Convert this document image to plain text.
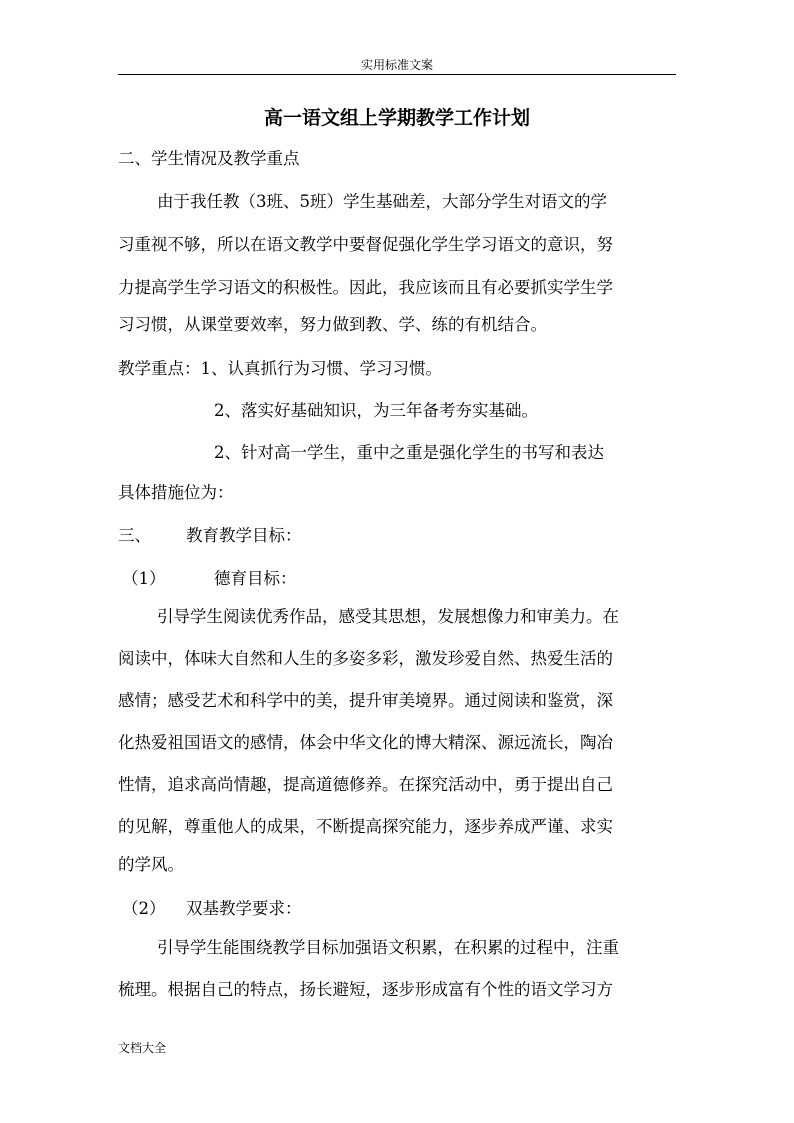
实用标准文案
高一语文组上学期教学工作计划
二、学生情况及教学重点
由于我任教（3班、5班）学生基础差，大部分学生对语文的学
习重视不够，所以在语文教学中要督促强化学生学习语文的意识，努
力提高学生学习语文的积极性。因此，我应该而且有必要抓实学生学
习习惯，从课堂要效率，努力做到教、学、练的有机结合。
教学重点：1、认真抓行为习惯、学习习惯。
2、落实好基础知识，为三年备考夯实基础。
2、针对高一学生，重中之重是强化学生的书写和表达
具体措施位为：
三、 教育教学目标：
（1）	德育目标：
引导学生阅读优秀作品，感受其思想，发展想像力和审美力。在
阅读中，体味大自然和人生的多姿多彩，激发珍爱自然、热爱生活的
感情；感受艺术和科学中的美，提升审美境界。通过阅读和鉴赏，深
化热爱祖国语文的感情，体会中华文化的博大精深、源远流长，陶冶
性情，追求高尚情趣，提高道德修养。在探究活动中，勇于提出自己
的见解，尊重他人的成果，不断提高探究能力，逐步养成严谨、求实
的学风。
（2） 双基教学要求：
引导学生能围绕教学目标加强语文积累，在积累的过程中，注重
梳理。根据自己的特点，扬长避短，逐步形成富有个性的语文学习方
文档大全
